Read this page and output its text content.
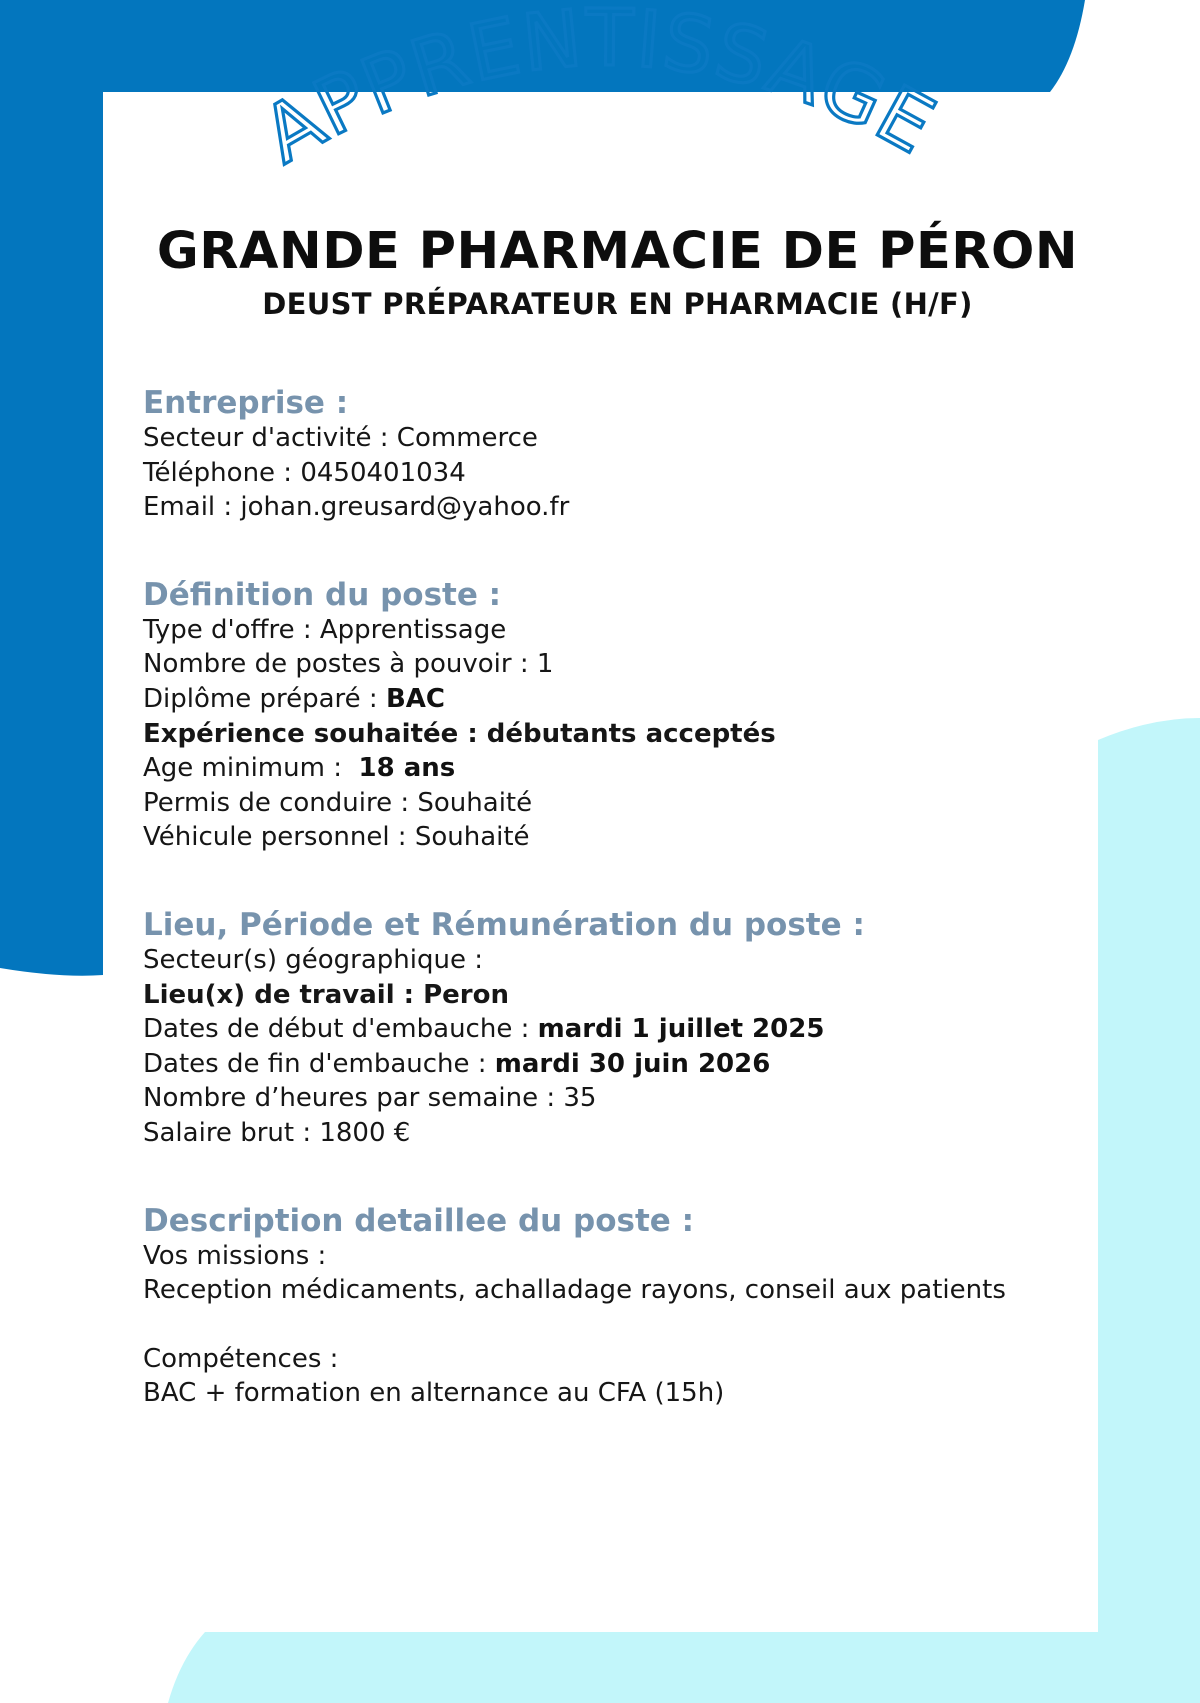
APPRENTISSAGE
GRANDE PHARMACIE DE PÉRON
DEUST PRÉPARATEUR EN PHARMACIE (H/F)

Entreprise :

Secteur d'activité : Commerce

Téléphone : 0450401034

Email : johan.greusard@yahoo.fr

Définition du poste :

Type d'offre : Apprentissage

Nombre de postes à pouvoir : 1

Diplôme préparé : BAC

Expérience souhaitée : débutants acceptés

Age minimum :  18 ans

Permis de conduire : Souhaité

Véhicule personnel : Souhaité

Lieu, Période et Rémunération du poste :

Secteur(s) géographique :

Lieu(x) de travail : Peron

Dates de début d'embauche : mardi 1 juillet 2025

Dates de fin d'embauche : mardi 30 juin 2026

Nombre d’heures par semaine : 35

Salaire brut : 1800 €

Description detaillee du poste :

Vos missions :

Reception médicaments, achalladage rayons, conseil aux patients

Compétences :

BAC + formation en alternance au CFA (15h)
